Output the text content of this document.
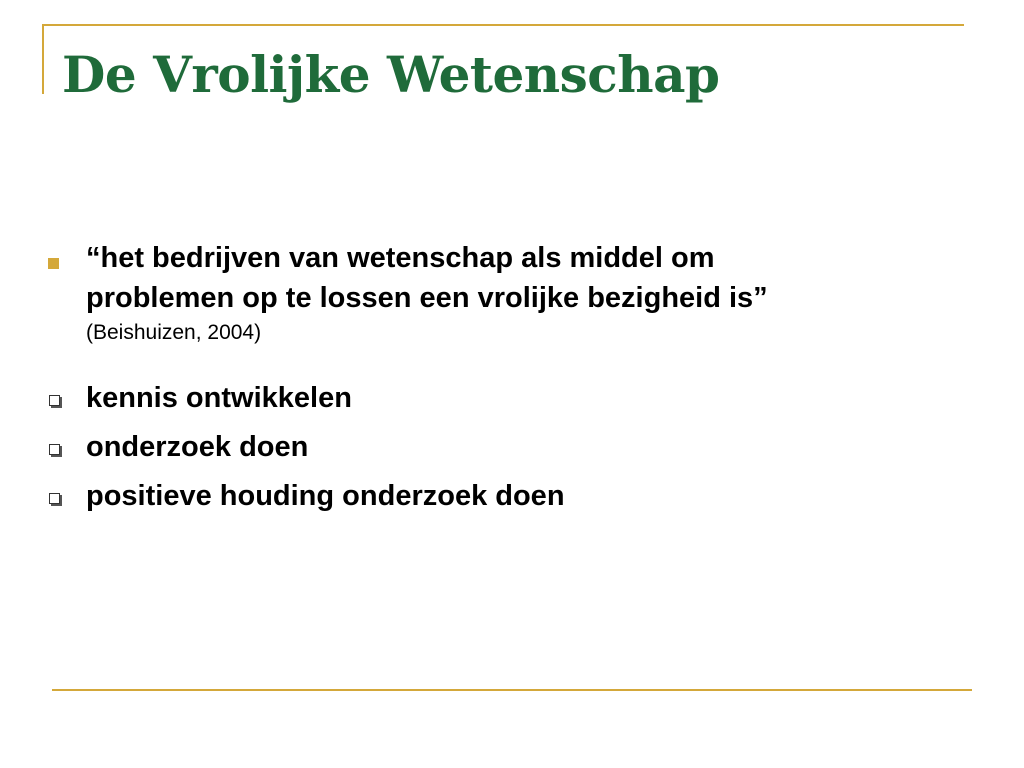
De Vrolijke Wetenschap
“het bedrijven van wetenschap als middel om
problemen op te lossen een vrolijke bezigheid is”
(Beishuizen, 2004)
kennis ontwikkelen
onderzoek doen
positieve houding onderzoek doen
